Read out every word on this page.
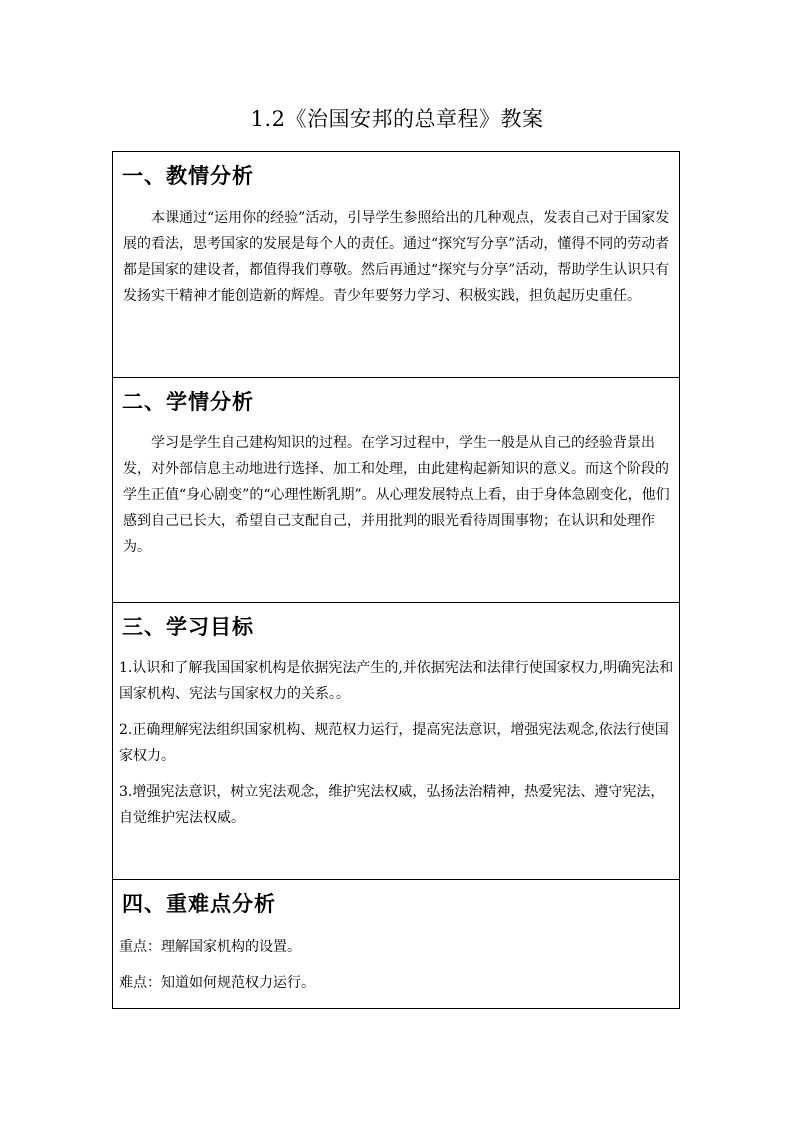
1.2《治国安邦的总章程》教案
一、教情分析
本课通过“运用你的经验”活动，引导学生参照给出的几种观点，发表自己对于国家发展的看法，思考国家的发展是每个人的责任。通过“探究写分享”活动，懂得不同的劳动者都是国家的建设者，都值得我们尊敬。然后再通过“探究与分享”活动，帮助学生认识只有发扬实干精神才能创造新的辉煌。青少年要努力学习、积极实践，担负起历史重任。
二、学情分析
学习是学生自己建构知识的过程。在学习过程中，学生一般是从自己的经验背景出发，对外部信息主动地进行选择、加工和处理，由此建构起新知识的意义。而这个阶段的学生正值“身心剧变”的“心理性断乳期”。从心理发展特点上看，由于身体急剧变化，他们感到自己已长大，希望自己支配自己，并用批判的眼光看待周围事物；在认识和处理作为。
三、学习目标
1.认识和了解我国国家机构是依据宪法产生的,并依据宪法和法律行使国家权力,明确宪法和国家机构、宪法与国家权力的关系。。
2.正确理解宪法组织国家机构、规范权力运行，提高宪法意识，增强宪法观念,依法行使国家权力。
3.增强宪法意识，树立宪法观念，维护宪法权威，弘扬法治精神，热爱宪法、遵守宪法，自觉维护宪法权威。
四、重难点分析
重点：理解国家机构的设置。
难点：知道如何规范权力运行。
